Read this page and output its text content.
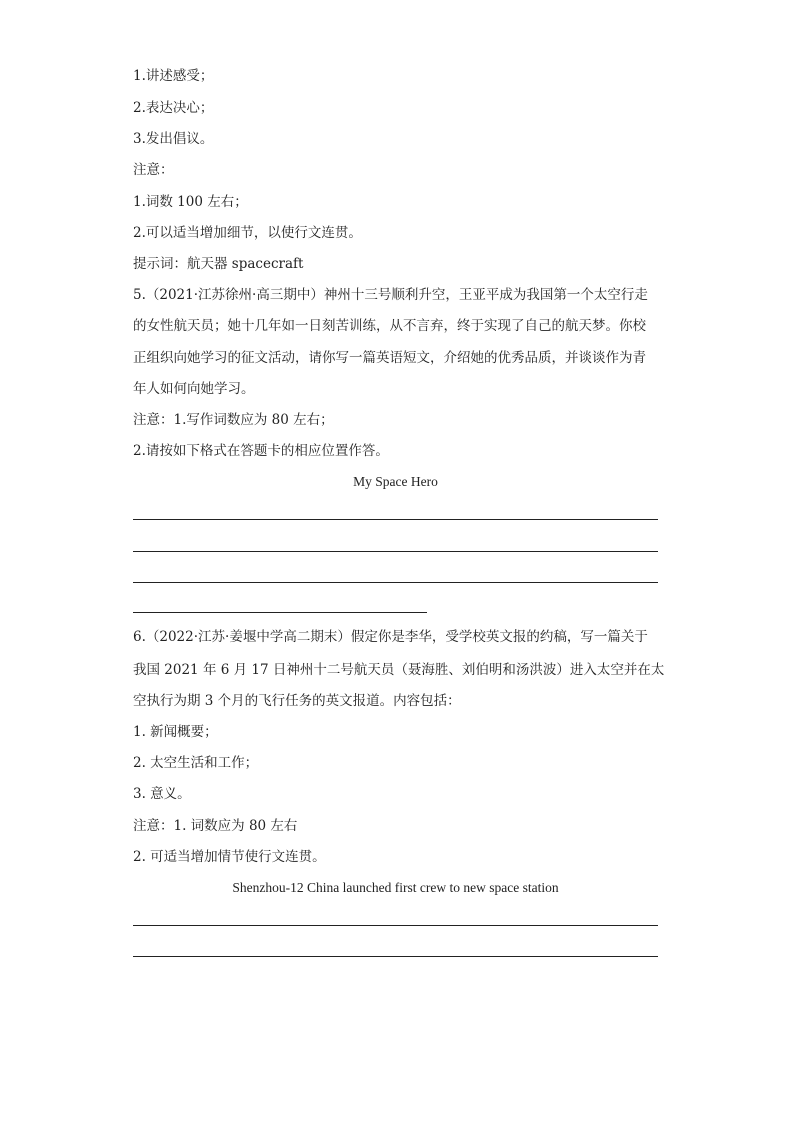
1.讲述感受；
2.表达决心；
3.发出倡议。
注意：
1.词数 100 左右；
2.可以适当增加细节，以使行文连贯。
提示词：航天器 spacecraft
5.（2021·江苏徐州·高三期中）神州十三号顺利升空，王亚平成为我国第一个太空行走
的女性航天员；她十几年如一日刻苦训练，从不言弃，终于实现了自己的航天梦。你校
正组织向她学习的征文活动，请你写一篇英语短文，介绍她的优秀品质，并谈谈作为青
年人如何向她学习。
注意：1.写作词数应为 80 左右；
2.请按如下格式在答题卡的相应位置作答。
My Space Hero
6.（2022·江苏·姜堰中学高二期末）假定你是李华，受学校英文报的约稿，写一篇关于
我国 2021 年 6 月 17 日神州十二号航天员（聂海胜、刘伯明和汤洪波）进入太空并在太
空执行为期 3 个月的飞行任务的英文报道。内容包括：
1. 新闻概要；
2. 太空生活和工作；
3. 意义。
注意：1. 词数应为 80 左右
2. 可适当增加情节使行文连贯。
Shenzhou-12 China launched first crew to new space station
